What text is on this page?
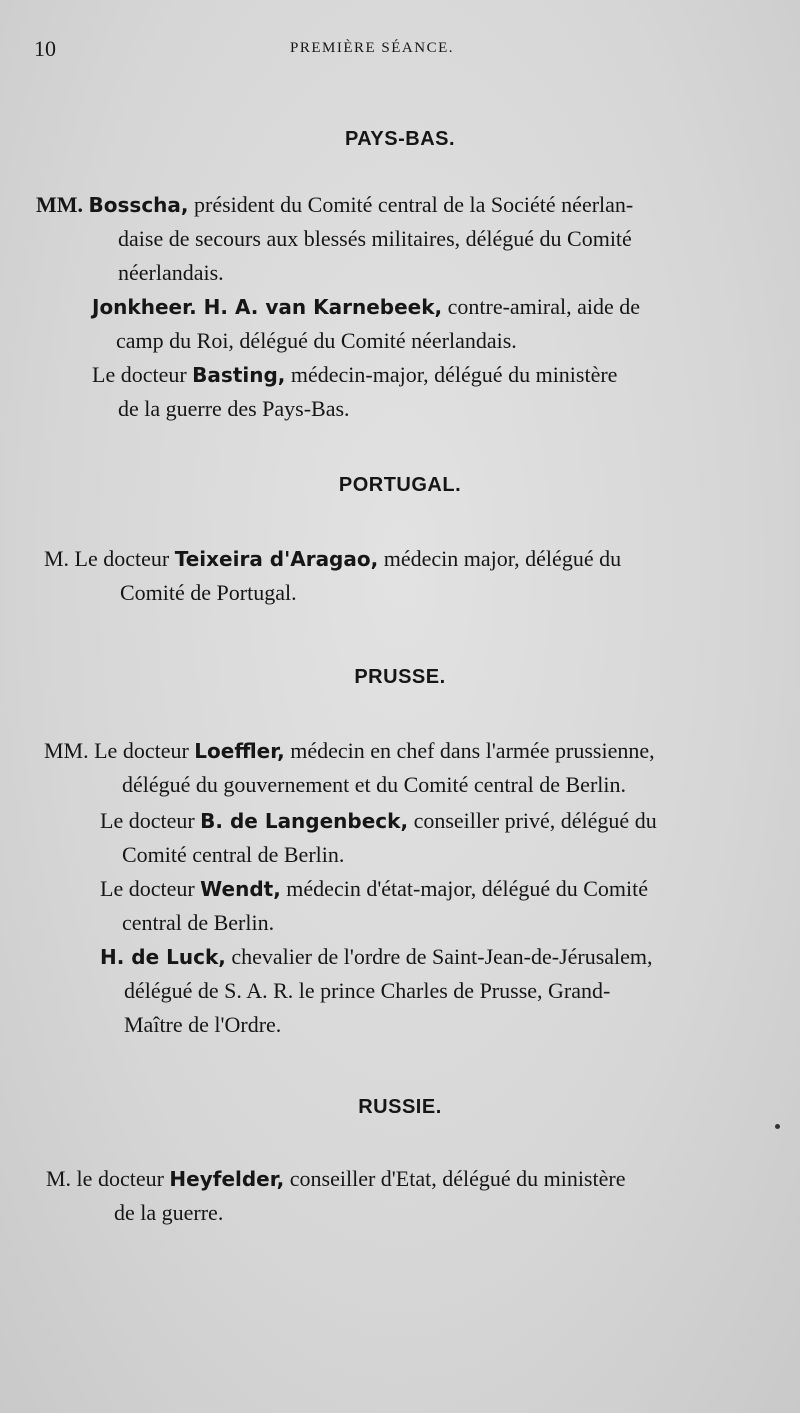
10	PREMIÈRE SÉANCE.
PAYS-BAS.
MM. Bosscha, président du Comité central de la Société néerlan-
daise de secours aux blessés militaires, délégué du Comité
néerlandais.
Jonkheer. H. A. van Karnebeek, contre-amiral, aide de
camp du Roi, délégué du Comité néerlandais.
Le docteur Basting, médecin-major, délégué du ministère
de la guerre des Pays-Bas.
PORTUGAL.
M. Le docteur Teixeira d'Aragao, médecin major, délégué du
Comité de Portugal.
PRUSSE.
MM. Le docteur Loeffler, médecin en chef dans l'armée prussienne,
délégué du gouvernement et du Comité central de Berlin.
Le docteur B. de Langenbeck, conseiller privé, délégué du
Comité central de Berlin.
Le docteur Wendt, médecin d'état-major, délégué du Comité
central de Berlin.
H. de Luck, chevalier de l'ordre de Saint-Jean-de-Jérusalem,
délégué de S. A. R. le prince Charles de Prusse, Grand-
Maître de l'Ordre.
RUSSIE.
M. le docteur Heyfelder, conseiller d'Etat, délégué du ministère
de la guerre.
